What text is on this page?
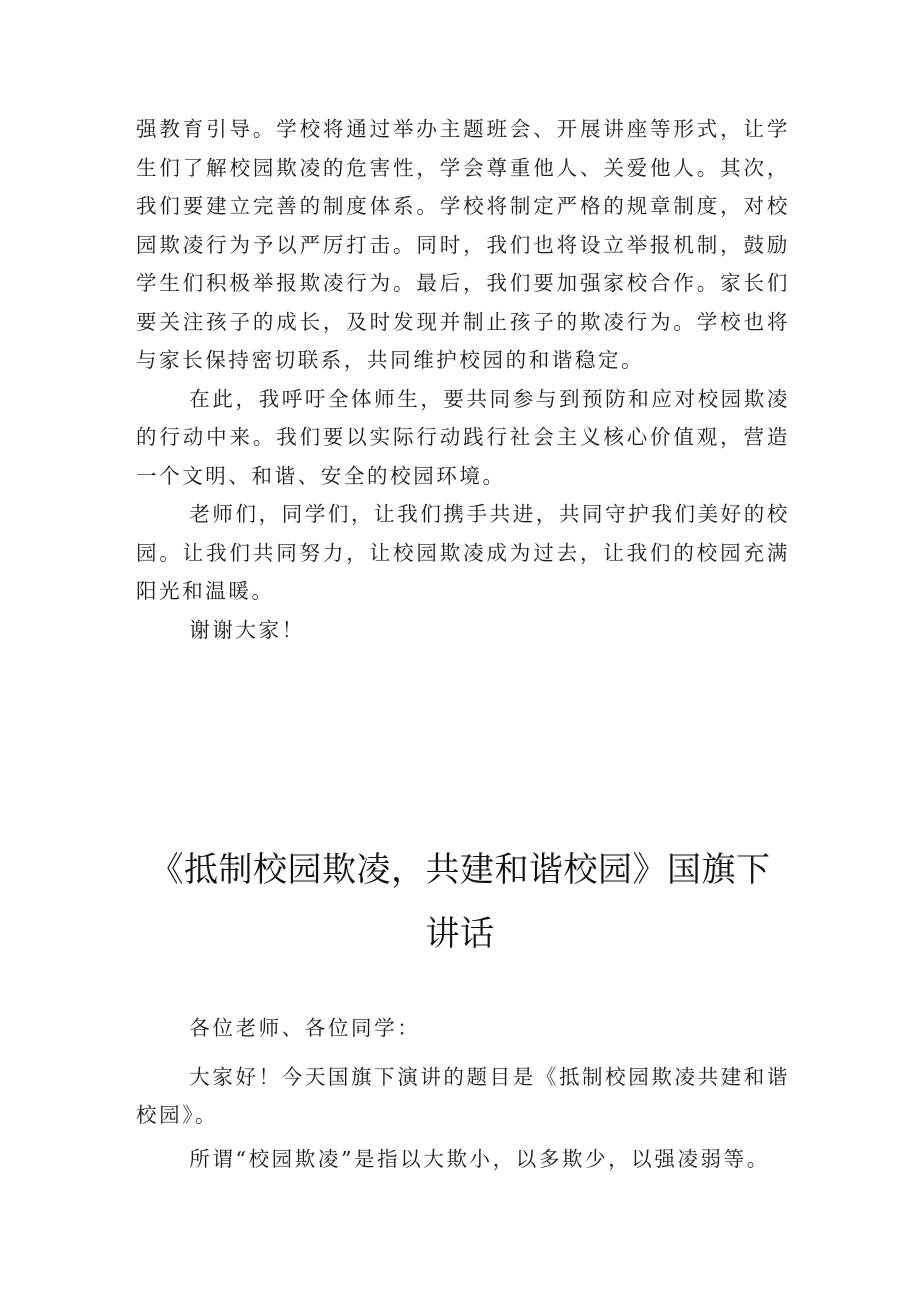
强教育引导。学校将通过举办主题班会、开展讲座等形式，让学生们了解校园欺凌的危害性，学会尊重他人、关爱他人。其次，我们要建立完善的制度体系。学校将制定严格的规章制度，对校园欺凌行为予以严厉打击。同时，我们也将设立举报机制，鼓励学生们积极举报欺凌行为。最后，我们要加强家校合作。家长们要关注孩子的成长，及时发现并制止孩子的欺凌行为。学校也将与家长保持密切联系，共同维护校园的和谐稳定。

在此，我呼吁全体师生，要共同参与到预防和应对校园欺凌的行动中来。我们要以实际行动践行社会主义核心价值观，营造一个文明、和谐、安全的校园环境。

老师们，同学们，让我们携手共进，共同守护我们美好的校园。让我们共同努力，让校园欺凌成为过去，让我们的校园充满阳光和温暖。

谢谢大家！

《抵制校园欺凌，共建和谐校园》国旗下
讲话

各位老师、各位同学：

大家好！今天国旗下演讲的题目是《抵制校园欺凌共建和谐校园》。

所谓“校园欺凌”是指以大欺小，以多欺少，以强凌弱等。
